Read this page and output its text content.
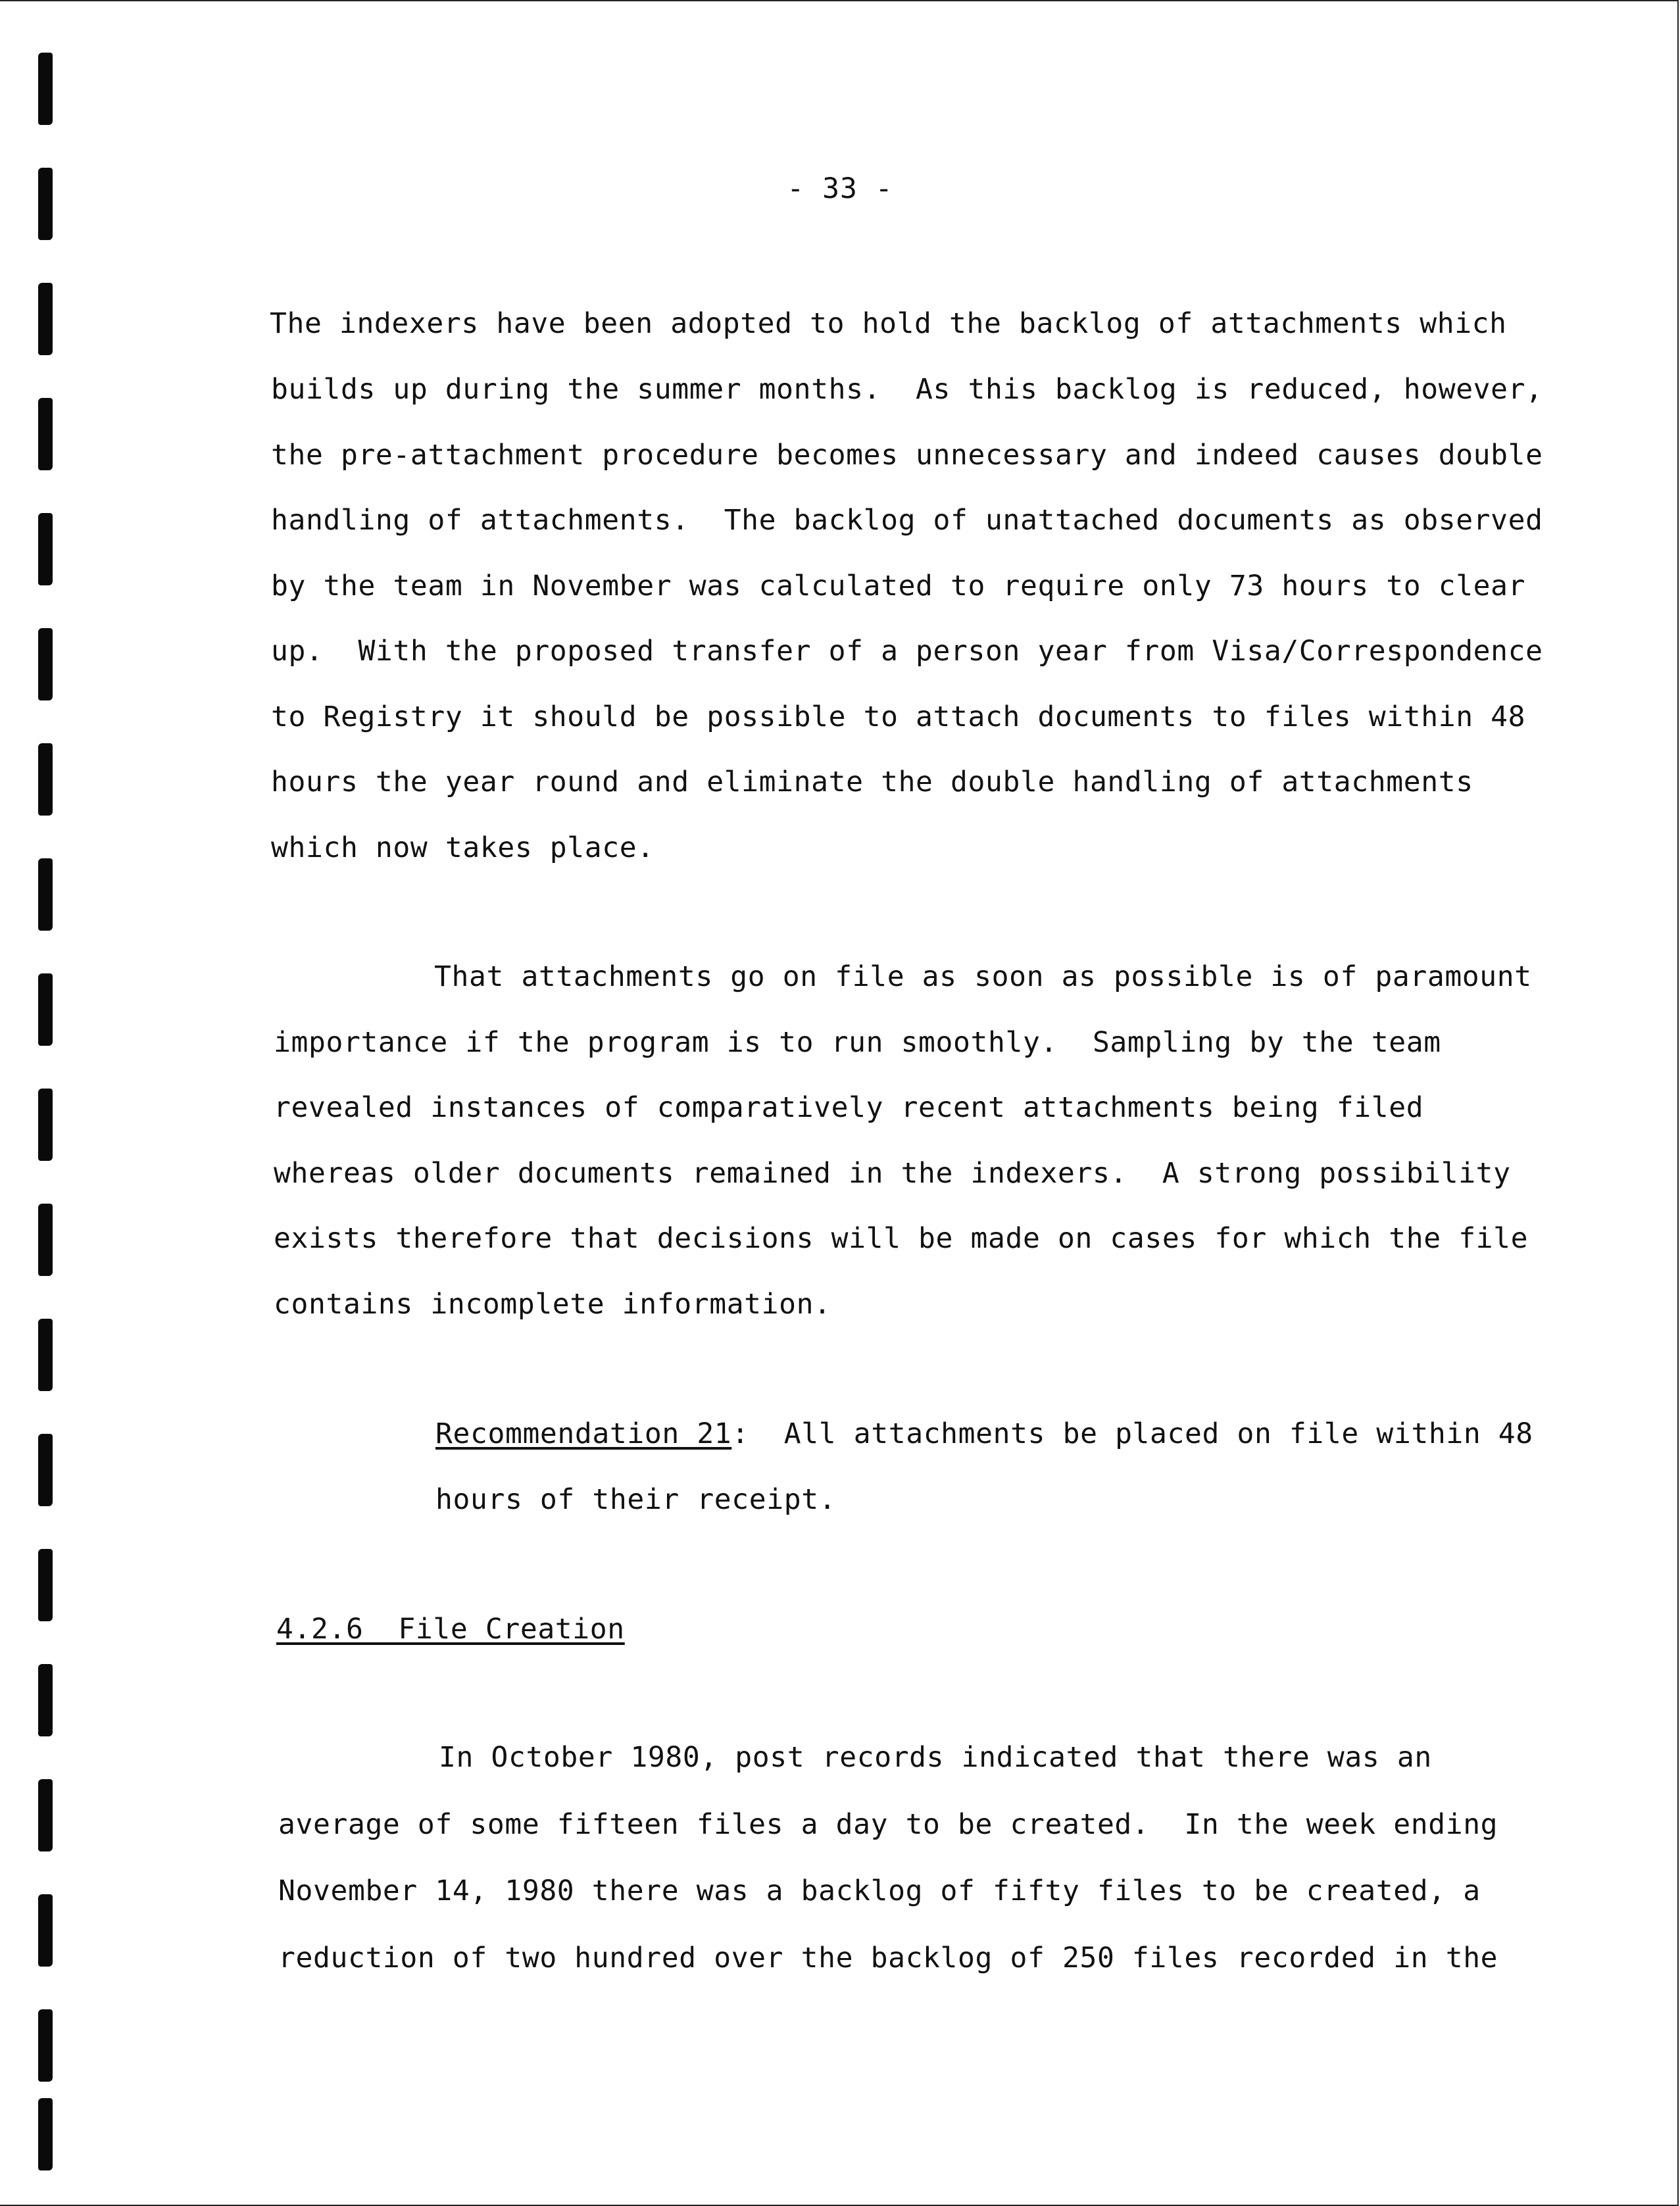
- 33 -
The indexers have been adopted to hold the backlog of attachments which
builds up during the summer months.  As this backlog is reduced, however,
the pre-attachment procedure becomes unnecessary and indeed causes double
handling of attachments.  The backlog of unattached documents as observed
by the team in November was calculated to require only 73 hours to clear
up.  With the proposed transfer of a person year from Visa/Correspondence
to Registry it should be possible to attach documents to files within 48
hours the year round and eliminate the double handling of attachments
which now takes place.
That attachments go on file as soon as possible is of paramount
importance if the program is to run smoothly.  Sampling by the team
revealed instances of comparatively recent attachments being filed
whereas older documents remained in the indexers.  A strong possibility
exists therefore that decisions will be made on cases for which the file
contains incomplete information.
Recommendation 21:  All attachments be placed on file within 48
hours of their receipt.
4.2.6  File Creation
In October 1980, post records indicated that there was an
average of some fifteen files a day to be created.  In the week ending
November 14, 1980 there was a backlog of fifty files to be created, a
reduction of two hundred over the backlog of 250 files recorded in the
